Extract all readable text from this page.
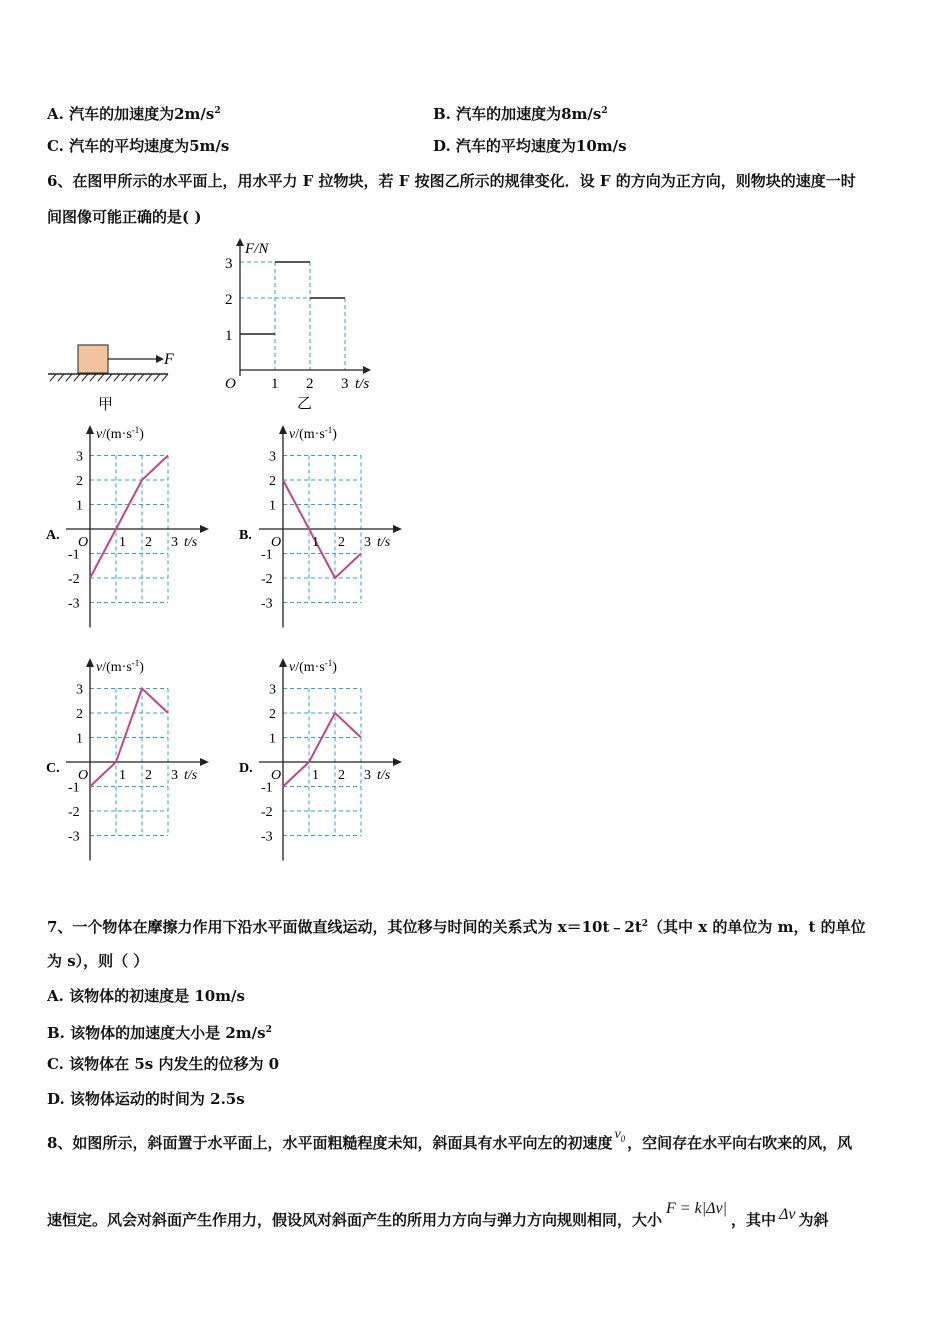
A. 汽车的加速度为$2m/s^2$	B. 汽车的加速度为$8m/s^2$
C. 汽车的平均速度为5m/s	D. 汽车的平均速度为10m/s
6、在图甲所示的水平面上，用水平力 F 拉物块，若 F 按图乙所示的规律变化．设 F 的方向为正方向，则物块的速度一时
间图像可能正确的是( )
F
甲
F/N
1
2
3
O 1 2 3 t/s
乙
$v/(m\cdot s^{-1})$
3
2
1
-1
-2
-3
O 1 2 3 t/s
A.
$v/(m\cdot s^{-1})$
3
2
1
-1
-2
-3
O 1 2 3 t/s
B.
$v/(m\cdot s^{-1})$
3
2
1
-1
-2
-3
O 1 2 3 t/s
C.
$v/(m\cdot s^{-1})$
3
2
1
-1
-2
-3
O 1 2 3 t/s
D.
7、一个物体在摩擦力作用下沿水平面做直线运动，其位移与时间的关系式为 $x=10t﹣2t^2$（其中 x 的单位为 m，t 的单位
为 s），则（ ）
A. 该物体的初速度是 10m/s
B. 该物体的加速度大小是 $2m/s^2$
C. 该物体在 5s 内发生的位移为 0
D. 该物体运动的时间为 2.5s
8、如图所示，斜面置于水平面上，水平面粗糙程度未知，斜面具有水平向左的初速度 $v_0$ ，空间存在水平向右吹来的风，风
速恒定。风会对斜面产生作用力，假设风对斜面产生的所用力方向与弹力方向规则相同，大小F = k|Δv|，其中 Δv 为斜
